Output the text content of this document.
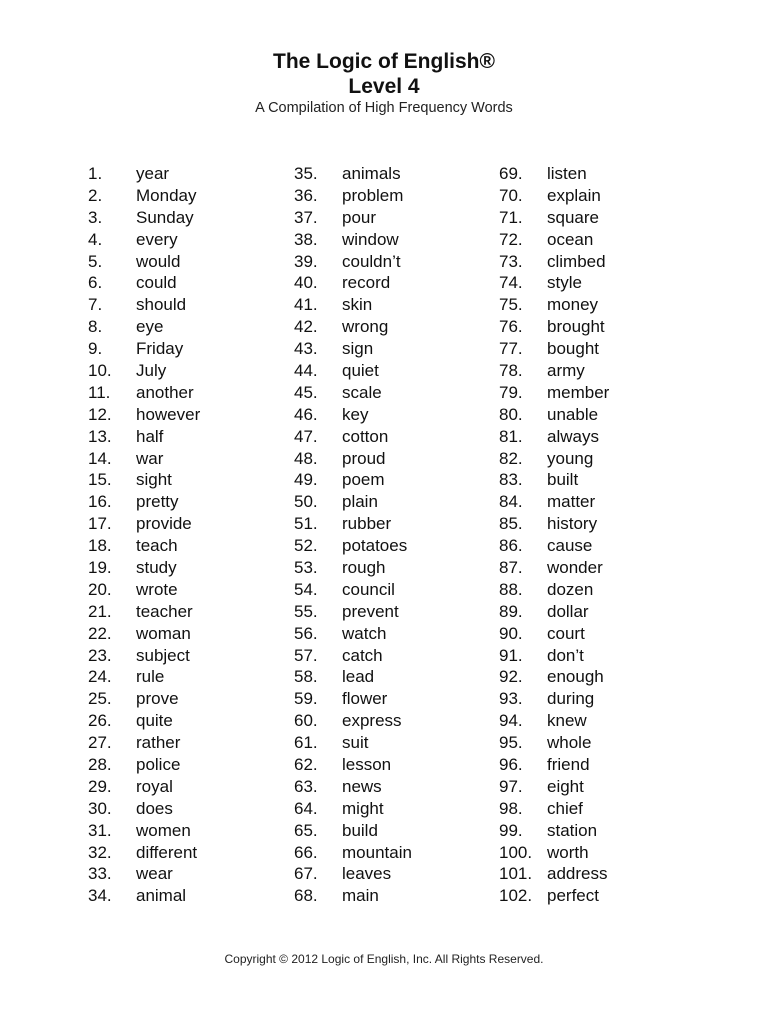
The Logic of English®
Level 4
A Compilation of High Frequency Words
1.	year
2.	Monday
3.	Sunday
4.	every
5.	would
6.	could
7.	should
8.	eye
9.	Friday
10.	July
11.	another
12.	however
13.	half
14.	war
15.	sight
16.	pretty
17.	provide
18.	teach
19.	study
20.	wrote
21.	teacher
22.	woman
23.	subject
24.	rule
25.	prove
26.	quite
27.	rather
28.	police
29.	royal
30.	does
31.	women
32.	different
33.	wear
34.	animal
35.	animals
36.	problem
37.	pour
38.	window
39.	couldn’t
40.	record
41.	skin
42.	wrong
43.	sign
44.	quiet
45.	scale
46.	key
47.	cotton
48.	proud
49.	poem
50.	plain
51.	rubber
52.	potatoes
53.	rough
54.	council
55.	prevent
56.	watch
57.	catch
58.	lead
59.	flower
60.	express
61.	suit
62.	lesson
63.	news
64.	might
65.	build
66.	mountain
67.	leaves
68.	main
69.	listen
70.	explain
71.	square
72.	ocean
73.	climbed
74.	style
75.	money
76.	brought
77.	bought
78.	army
79.	member
80.	unable
81.	always
82.	young
83.	built
84.	matter
85.	history
86.	cause
87.	wonder
88.	dozen
89.	dollar
90.	court
91.	don’t
92.	enough
93.	during
94.	knew
95.	whole
96.	friend
97.	eight
98.	chief
99.	station
100. worth
101. address
102. perfect
Copyright © 2012 Logic of English, Inc. All Rights Reserved.
